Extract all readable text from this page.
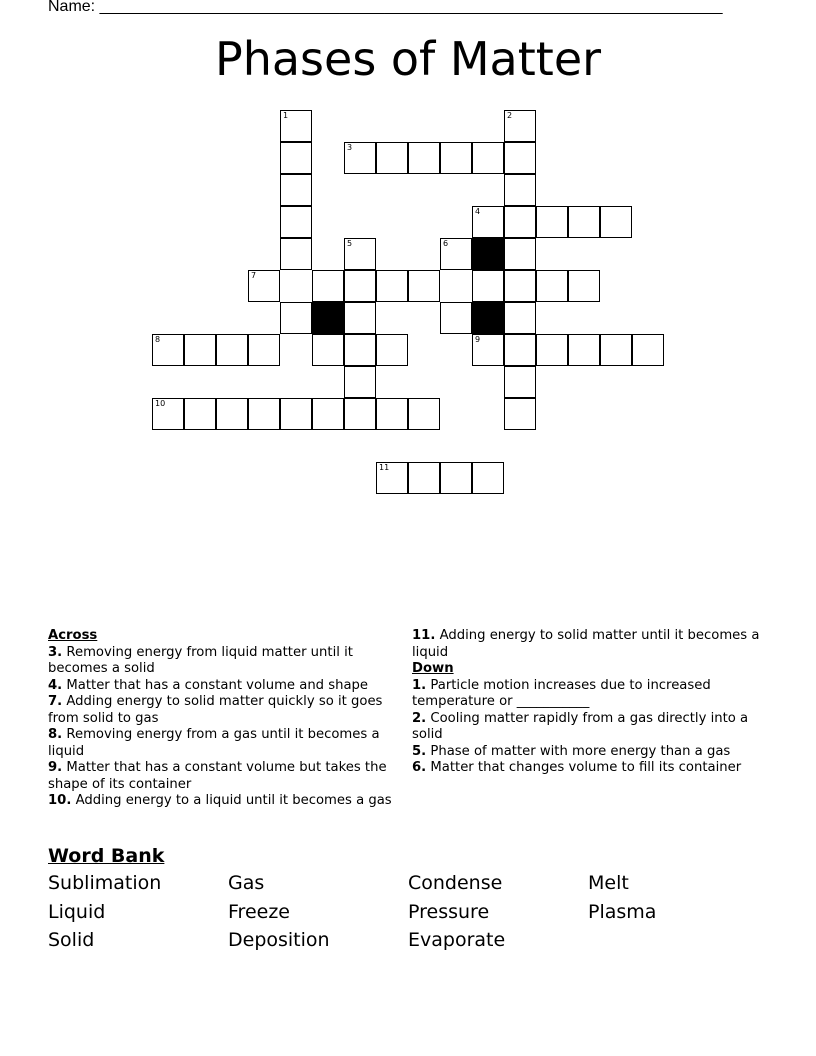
Name: ______________________________________________________________________
Phases of Matter
1	2
3
4
5	6
7
8	9
10
11
Across
3. Removing energy from liquid matter until it becomes a solid
4. Matter that has a constant volume and shape
7. Adding energy to solid matter quickly so it goes from solid to gas
8. Removing energy from a gas until it becomes a liquid
9. Matter that has a constant volume but takes the shape of its container
10. Adding energy to a liquid until it becomes a gas
11. Adding energy to solid matter until it becomes a liquid
Down
1. Particle motion increases due to increased temperature or ___________
2. Cooling matter rapidly from a gas directly into a solid
5. Phase of matter with more energy than a gas
6. Matter that changes volume to fill its container
Word Bank
Sublimation	Gas	Condense	Melt
Liquid	Freeze	Pressure	Plasma
Solid	Deposition	Evaporate
